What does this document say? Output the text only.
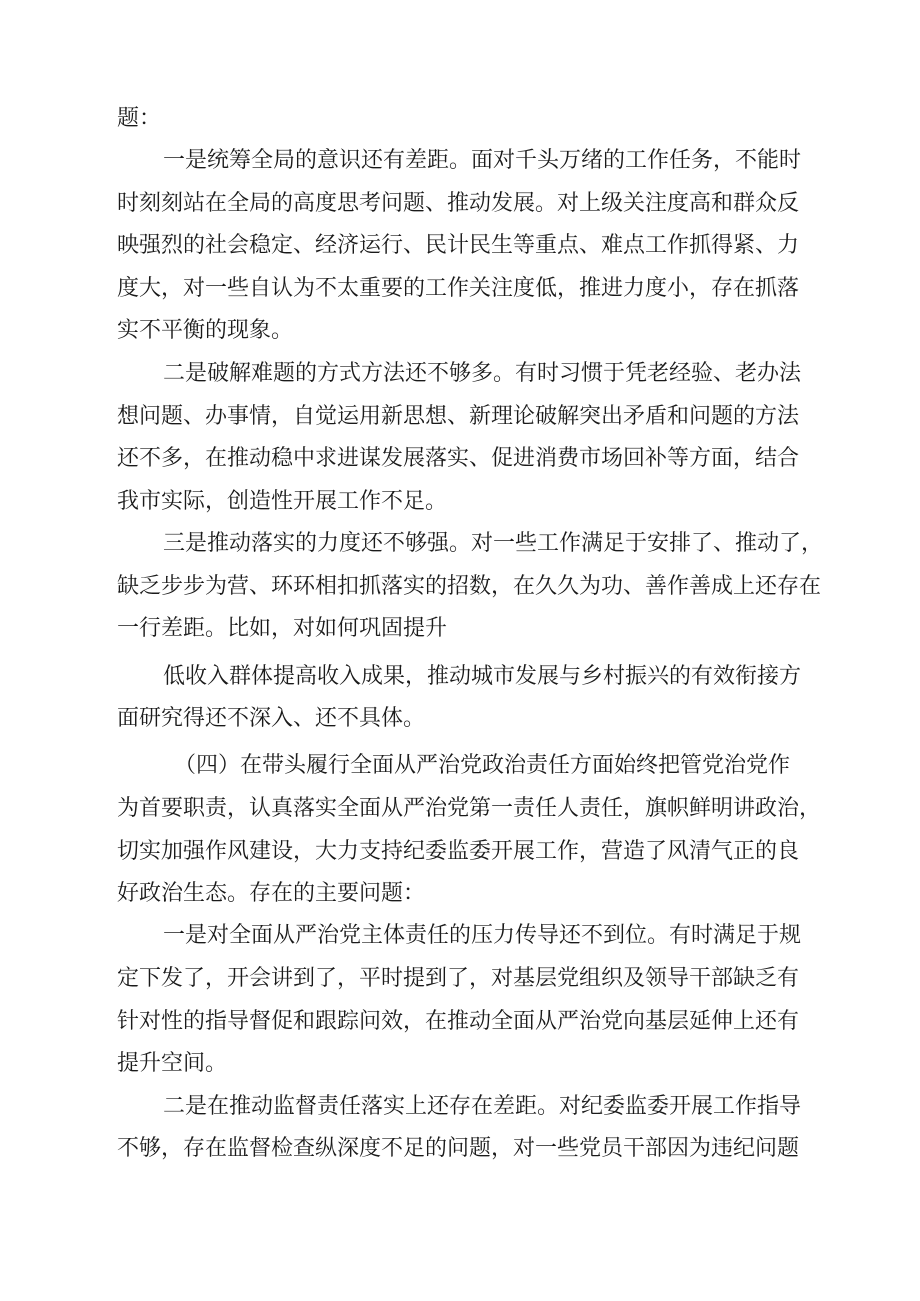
题：
一是统筹全局的意识还有差距。面对千头万绪的工作任务，不能时
时刻刻站在全局的高度思考问题、推动发展。对上级关注度高和群众反
映强烈的社会稳定、经济运行、民计民生等重点、难点工作抓得紧、力
度大，对一些自认为不太重要的工作关注度低，推进力度小，存在抓落
实不平衡的现象。
二是破解难题的方式方法还不够多。有时习惯于凭老经验、老办法
想问题、办事情，自觉运用新思想、新理论破解突出矛盾和问题的方法
还不多，在推动稳中求进谋发展落实、促进消费市场回补等方面，结合
我市实际，创造性开展工作不足。
三是推动落实的力度还不够强。对一些工作满足于安排了、推动了，
缺乏步步为营、环环相扣抓落实的招数，在久久为功、善作善成上还存在
一行差距。比如，对如何巩固提升
低收入群体提高收入成果，推动城市发展与乡村振兴的有效衔接方
面研究得还不深入、还不具体。
（四）在带头履行全面从严治党政治责任方面始终把管党治党作
为首要职责，认真落实全面从严治党第一责任人责任，旗帜鲜明讲政治，
切实加强作风建设，大力支持纪委监委开展工作，营造了风清气正的良
好政治生态。存在的主要问题：
一是对全面从严治党主体责任的压力传导还不到位。有时满足于规
定下发了，开会讲到了，平时提到了，对基层党组织及领导干部缺乏有
针对性的指导督促和跟踪问效，在推动全面从严治党向基层延伸上还有
提升空间。
二是在推动监督责任落实上还存在差距。对纪委监委开展工作指导
不够，存在监督检查纵深度不足的问题，对一些党员干部因为违纪问题
